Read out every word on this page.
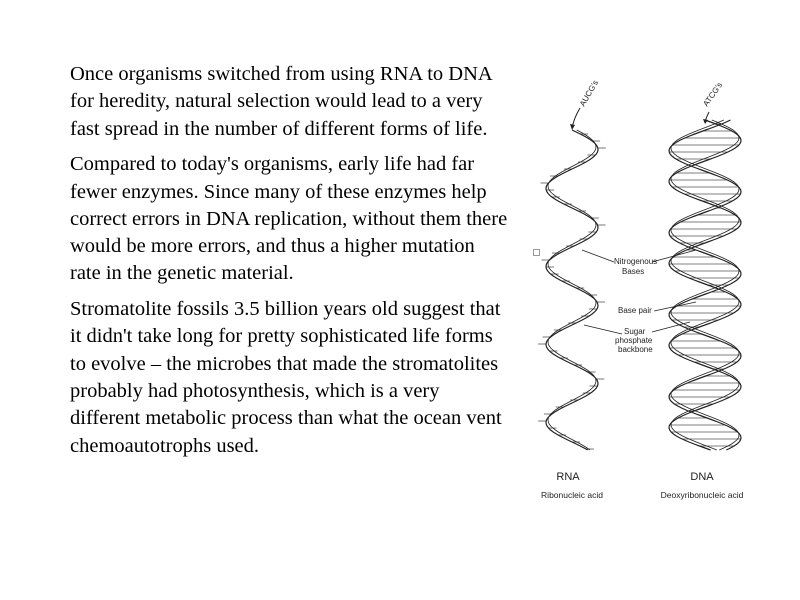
Once organisms switched from using RNA to DNA for heredity, natural selection would lead to a very fast spread in the number of different forms of life.

Compared to today's organisms, early life had far fewer enzymes. Since many of these enzymes help correct errors in DNA replication, without them there would be more errors, and thus a higher mutation rate in the genetic material.

Stromatolite fossils 3.5 billion years old suggest that it didn't take long for pretty sophisticated life forms to evolve – the microbes that made the stromatolites probably had photosynthesis, which is a very different metabolic process than what the ocean vent chemoautotrophs used.

AUCG's	ATCG's
Nitrogenous
Bases
Base pair
Sugar
phosphate
backbone
RNA
Ribonucleic acid
DNA
Deoxyribonucleic acid
